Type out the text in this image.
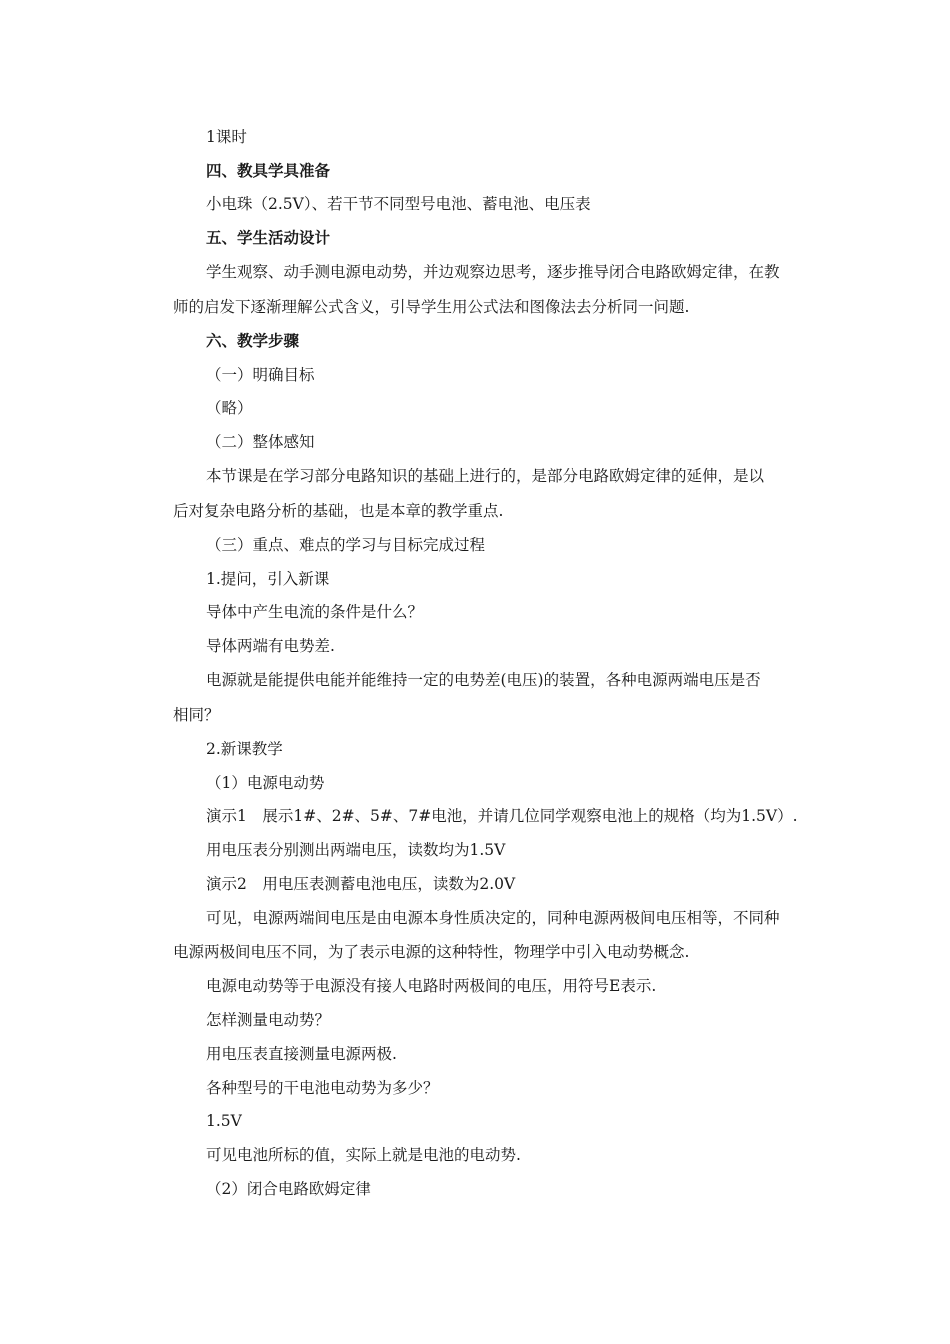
1课时
四、教具学具准备
小电珠（2.5V）、若干节不同型号电池、蓄电池、电压表
五、学生活动设计
学生观察、动手测电源电动势，并边观察边思考，逐步推导闭合电路欧姆定律，在教
师的启发下逐渐理解公式含义，引导学生用公式法和图像法去分析同一问题.
六、教学步骤
（一）明确目标
（略）
（二）整体感知
本节课是在学习部分电路知识的基础上进行的，是部分电路欧姆定律的延伸，是以
后对复杂电路分析的基础，也是本章的教学重点.
（三）重点、难点的学习与目标完成过程
1.提问，引入新课
导体中产生电流的条件是什么？
导体两端有电势差.
电源就是能提供电能并能维持一定的电势差(电压)的装置，各种电源两端电压是否
相同？
2.新课教学
（1）电源电动势
演示1　展示1#、2#、5#、7#电池，并请几位同学观察电池上的规格（均为1.5V）.
用电压表分别测出两端电压，读数均为1.5V
演示2　用电压表测蓄电池电压，读数为2.0V
可见，电源两端间电压是由电源本身性质决定的，同种电源两极间电压相等，不同种
电源两极间电压不同，为了表示电源的这种特性，物理学中引入电动势概念.
电源电动势等于电源没有接人电路时两极间的电压，用符号E表示.
怎样测量电动势？
用电压表直接测量电源两极.
各种型号的干电池电动势为多少？
1.5V
可见电池所标的值，实际上就是电池的电动势.
（2）闭合电路欧姆定律
